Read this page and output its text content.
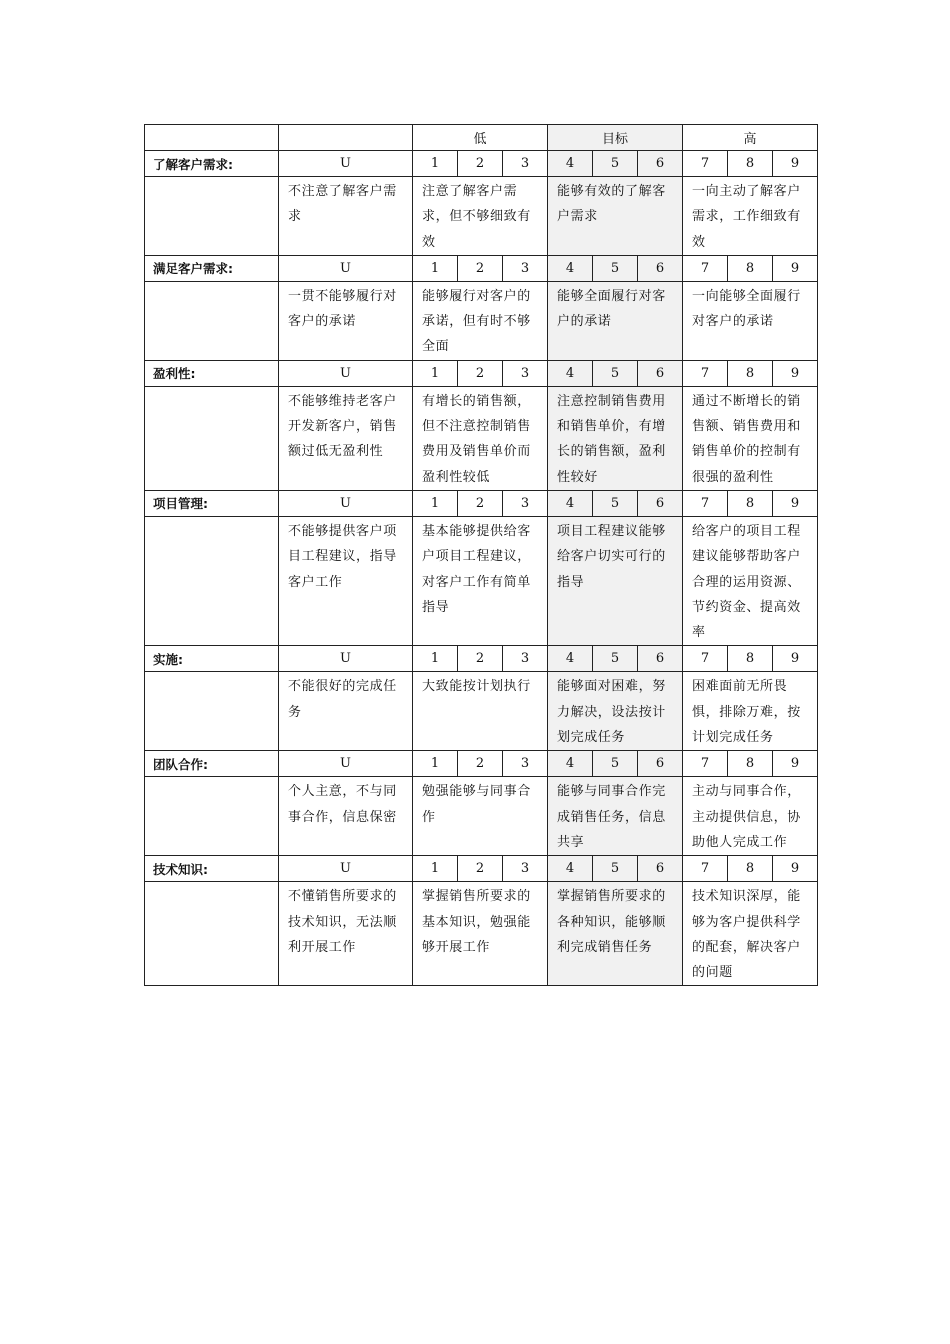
		低			目标			高		
了解客户需求:	U	1	2	3	4	5	6	7	8	9
	不注意了解客户需求	注意了解客户需求，但不够细致有效			能够有效的了解客户需求			一向主动了解客户需求，工作细致有效		
满足客户需求:	U	1	2	3	4	5	6	7	8	9
	一贯不能够履行对客户的承诺	能够履行对客户的承诺，但有时不够全面			能够全面履行对客户的承诺			一向能够全面履行对客户的承诺		
盈利性:	U	1	2	3	4	5	6	7	8	9
	不能够维持老客户开发新客户，销售额过低无盈利性	有增长的销售额，但不注意控制销售费用及销售单价而盈利性较低			注意控制销售费用和销售单价，有增长的销售额，盈利性较好			通过不断增长的销售额、销售费用和销售单价的控制有很强的盈利性		
项目管理:	U	1	2	3	4	5	6	7	8	9
	不能够提供客户项目工程建议，指导客户工作	基本能够提供给客户项目工程建议，对客户工作有简单指导			项目工程建议能够给客户切实可行的指导			给客户的项目工程建议能够帮助客户合理的运用资源、节约资金、提高效率		
实施:	U	1	2	3	4	5	6	7	8	9
	不能很好的完成任务	大致能按计划执行			能够面对困难，努力解决，设法按计划完成任务			困难面前无所畏惧，排除万难，按计划完成任务		
团队合作:	U	1	2	3	4	5	6	7	8	9
	个人主意，不与同事合作，信息保密	勉强能够与同事合作			能够与同事合作完成销售任务，信息共享			主动与同事合作，主动提供信息，协助他人完成工作		
技术知识:	U	1	2	3	4	5	6	7	8	9
	不懂销售所要求的技术知识，无法顺利开展工作	掌握销售所要求的基本知识，勉强能够开展工作			掌握销售所要求的各种知识，能够顺利完成销售任务			技术知识深厚，能够为客户提供科学的配套，解决客户的问题		
